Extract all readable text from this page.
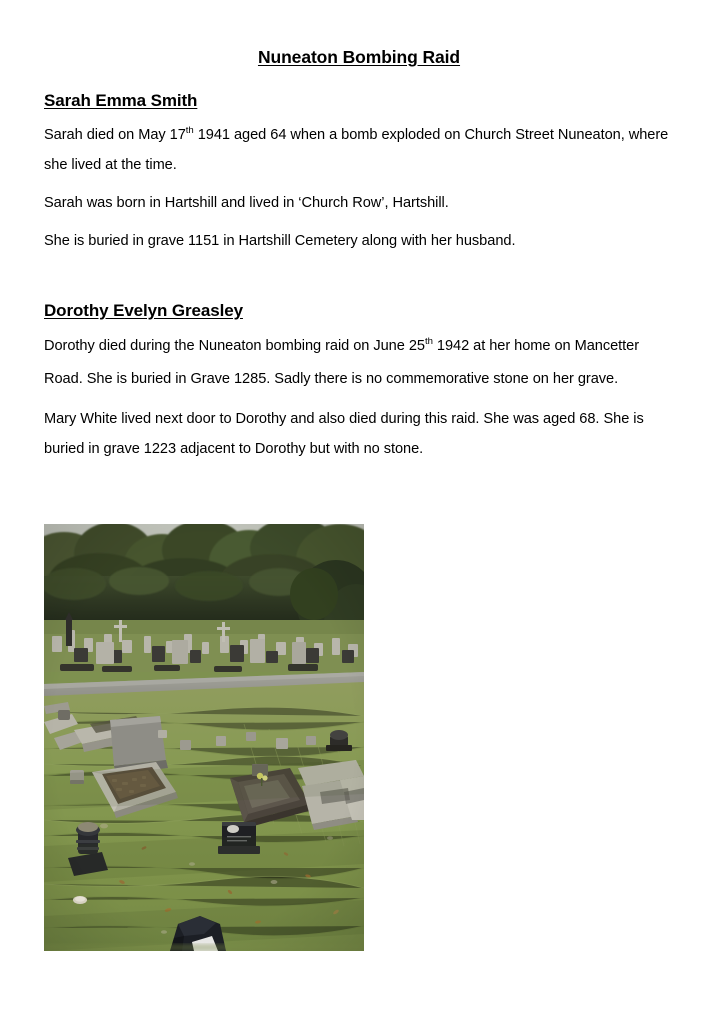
Nuneaton Bombing Raid
Sarah Emma Smith

Sarah died on May 17th 1941 aged 64 when a bomb exploded on Church Street Nuneaton, where she lived at the time.

Sarah was born in Hartshill and lived in ‘Church Row’, Hartshill.

She is buried in grave 1151 in Hartshill Cemetery along with her husband.

Dorothy Evelyn Greasley

Dorothy died during the Nuneaton bombing raid on June 25th 1942 at her home on Mancetter Road. She is buried in Grave 1285. Sadly there is no commemorative stone on her grave.

Mary White lived next door to Dorothy and also died during this raid. She was aged 68. She is buried in grave 1223 adjacent to Dorothy but with no stone.
